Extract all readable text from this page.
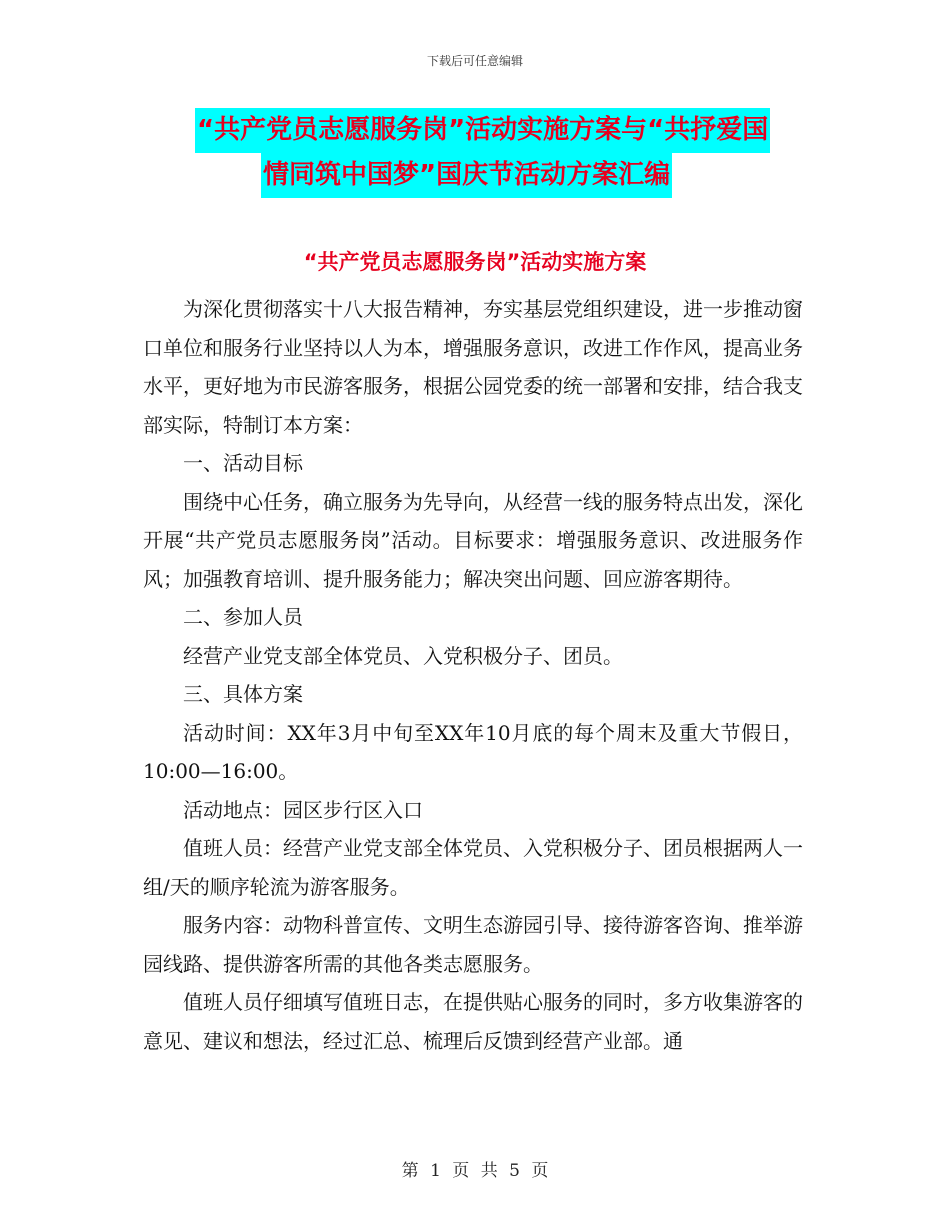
下载后可任意编辑
“共产党员志愿服务岗”活动实施方案与“共抒爱国
情同筑中国梦”国庆节活动方案汇编
“共产党员志愿服务岗”活动实施方案

为深化贯彻落实十八大报告精神，夯实基层党组织建设，进一步推动窗口单位和服务行业坚持以人为本，增强服务意识，改进工作作风，提高业务水平，更好地为市民游客服务，根据公园党委的统一部署和安排，结合我支部实际，特制订本方案：

一、活动目标

围绕中心任务，确立服务为先导向，从经营一线的服务特点出发，深化开展“共产党员志愿服务岗”活动。目标要求：增强服务意识、改进服务作风；加强教育培训、提升服务能力；解决突出问题、回应游客期待。

二、参加人员

经营产业党支部全体党员、入党积极分子、团员。

三、具体方案

活动时间：XX年3月中旬至XX年10月底的每个周末及重大节假日，10:00—16:00。

活动地点：园区步行区入口

值班人员：经营产业党支部全体党员、入党积极分子、团员根据两人一组/天的顺序轮流为游客服务。

服务内容：动物科普宣传、文明生态游园引导、接待游客咨询、推举游园线路、提供游客所需的其他各类志愿服务。

值班人员仔细填写值班日志，在提供贴心服务的同时，多方收集游客的意见、建议和想法，经过汇总、梳理后反馈到经营产业部。通

第 1 页 共 5 页
